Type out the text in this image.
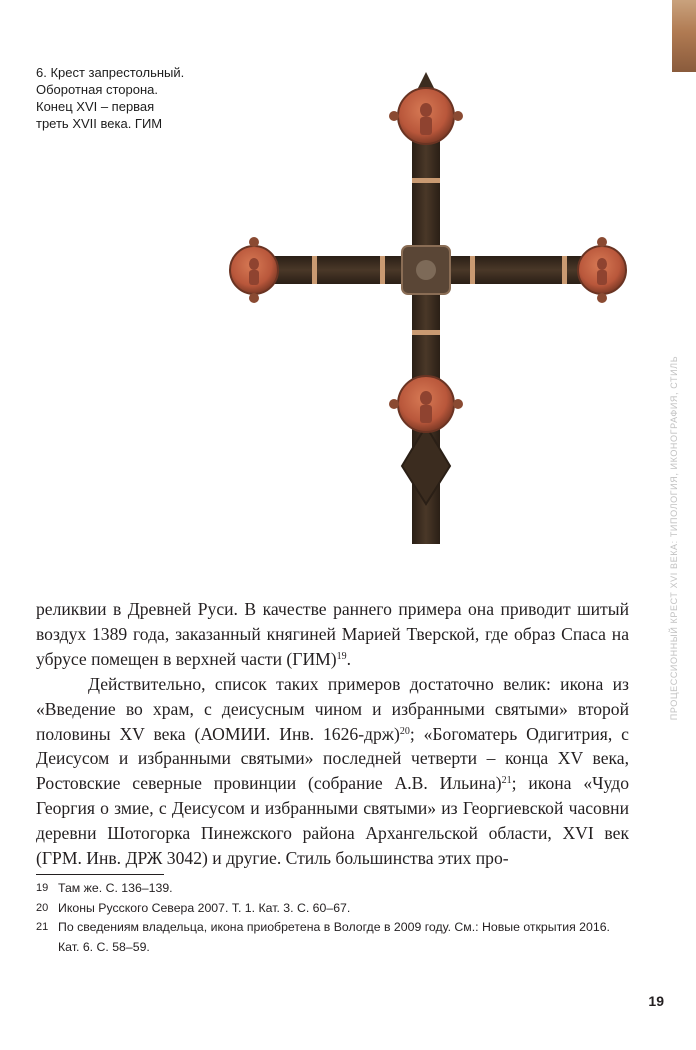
6. Крест запрестольный.
Оборотная сторона.
Конец XVI – первая
треть XVII века. ГИМ
ПРОЦЕССИОННЫЙ КРЕСТ XVI ВЕКА: ТИПОЛОГИЯ, ИКОНОГРАФИЯ, СТИЛЬ

реликвии в Древней Руси. В качестве раннего примера она приводит шитый воздух 1389 года, заказанный княгиней Марией Тверской, где образ Спаса на убрусе помещен в верхней части (ГИМ)$^{19}$.

Действительно, список таких примеров достаточно велик: икона из «Введение во храм, с деисусным чином и избранными святыми» второй половины XV века (АОМИИ. Инв. 1626-држ)$^{20}$; «Богоматерь Одигитрия, с Деисусом и избранными святыми» последней четверти – конца XV века, Ростовские северные провинции (собрание А.В. Ильина)$^{21}$; икона «Чудо Георгия о змие, с Деисусом и избранными святыми» из Георгиевской часовни деревни Шотогорка Пинежского района Архангельской области, XVI век (ГРМ. Инв. ДРЖ 3042) и другие. Стиль большинства этих про-

19 Там же. С. 136–139.
20 Иконы Русского Севера 2007. Т. 1. Кат. 3. С. 60–67.
21 По сведениям владельца, икона приобретена в Вологде в 2009 году. См.: Новые открытия 2016. Кат. 6. С. 58–59.
19
